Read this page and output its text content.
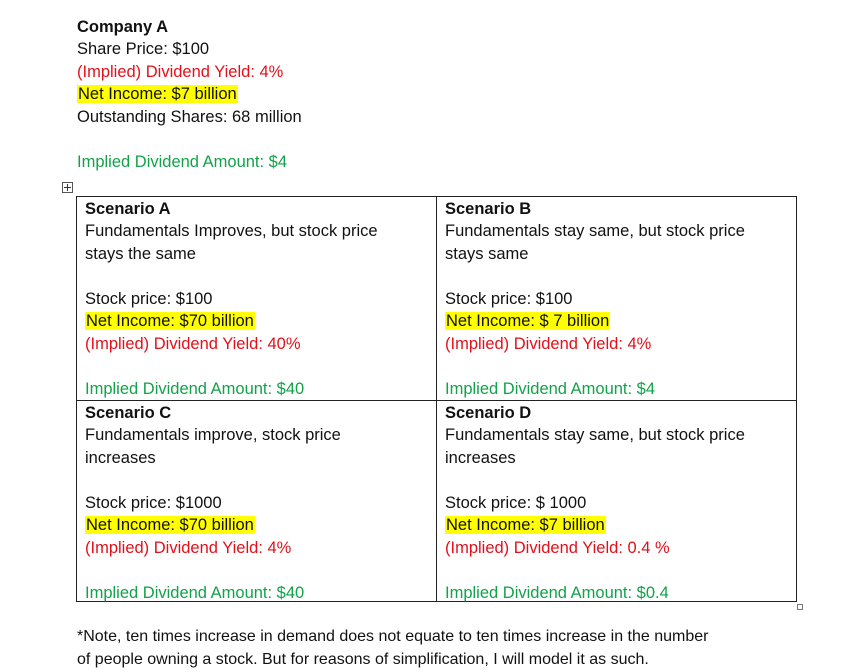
Company A
Share Price: $100
(Implied) Dividend Yield: 4%
Net Income: $7 billion
Outstanding Shares: 68 million
Implied Dividend Amount: $4
Scenario A
Fundamentals Improves, but stock price
stays the same
Stock price: $100
Net Income: $70 billion
(Implied) Dividend Yield: 40%
Implied Dividend Amount: $40
Scenario B
Fundamentals stay same, but stock price
stays same
Stock price: $100
Net Income: $ 7 billion
(Implied) Dividend Yield: 4%
Implied Dividend Amount: $4
Scenario C
Fundamentals improve, stock price
increases
Stock price: $1000
Net Income: $70 billion
(Implied) Dividend Yield: 4%
Implied Dividend Amount: $40
Scenario D
Fundamentals stay same, but stock price
increases
Stock price: $ 1000
Net Income: $7 billion
(Implied) Dividend Yield: 0.4 %
Implied Dividend Amount: $0.4
*Note, ten times increase in demand does not equate to ten times increase in the number
of people owning a stock. But for reasons of simplification, I will model it as such.
